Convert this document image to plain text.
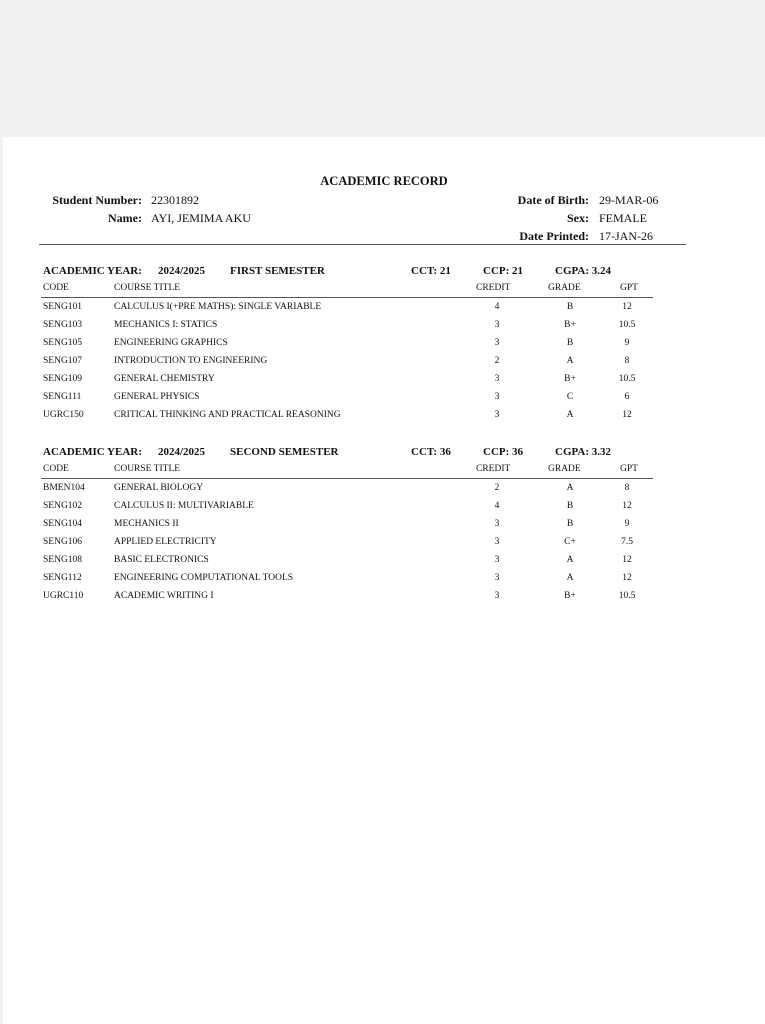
ACADEMIC RECORD
Student Number: 22301892
Name: AYI, JEMIMA AKU
Date of Birth: 29-MAR-06
Sex: FEMALE
Date Printed: 17-JAN-26
ACADEMIC YEAR: 2024/2025 FIRST SEMESTER	CCT: 21	CCP: 21	CGPA: 3.24
CODE	COURSE TITLE	CREDIT	GRADE	GPT
SENG101	CALCULUS I(+PRE MATHS): SINGLE VARIABLE	4	B	12
SENG103	MECHANICS I: STATICS	3	B+	10.5
SENG105	ENGINEERING GRAPHICS	3	B	9
SENG107	INTRODUCTION TO ENGINEERING	2	A	8
SENG109	GENERAL CHEMISTRY	3	B+	10.5
SENG111	GENERAL PHYSICS	3	C	6
UGRC150	CRITICAL THINKING AND PRACTICAL REASONING	3	A	12
ACADEMIC YEAR: 2024/2025 SECOND SEMESTER	CCT: 36	CCP: 36	CGPA: 3.32
CODE	COURSE TITLE	CREDIT	GRADE	GPT
BMEN104	GENERAL BIOLOGY	2	A	8
SENG102	CALCULUS II: MULTIVARIABLE	4	B	12
SENG104	MECHANICS II	3	B	9
SENG106	APPLIED ELECTRICITY	3	C+	7.5
SENG108	BASIC ELECTRONICS	3	A	12
SENG112	ENGINEERING COMPUTATIONAL TOOLS	3	A	12
UGRC110	ACADEMIC WRITING I	3	B+	10.5
